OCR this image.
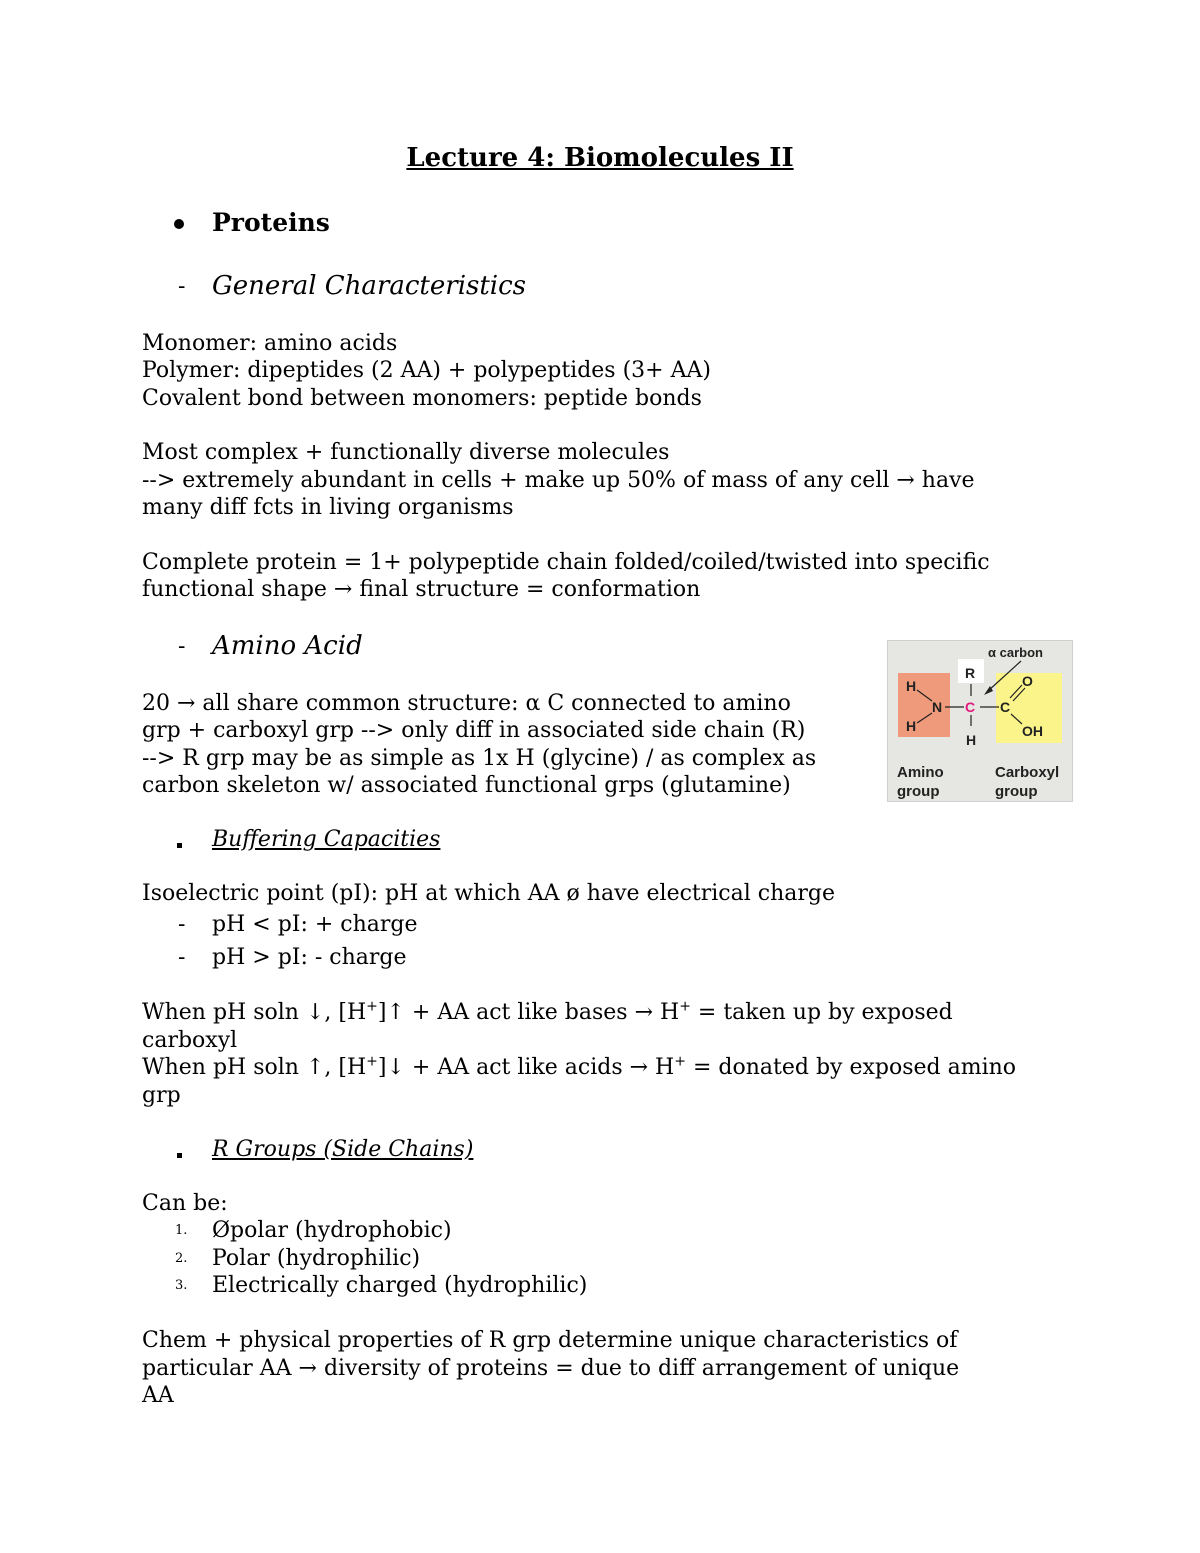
Lecture 4: Biomolecules II
Proteins
- General Characteristics
Monomer: amino acids
Polymer: dipeptides (2 AA) + polypeptides (3+ AA)
Covalent bond between monomers: peptide bonds
Most complex + functionally diverse molecules
--> extremely abundant in cells + make up 50% of mass of any cell → have
many diff fcts in living organisms
Complete protein = 1+ polypeptide chain folded/coiled/twisted into specific
functional shape → final structure = conformation
- Amino Acid
20 → all share common structure: α C connected to amino
grp + carboxyl grp --> only diff in associated side chain (R)
--> R grp may be as simple as 1x H (glycine) / as complex as
carbon skeleton w/ associated functional grps (glutamine)
α carbon
R
H
H
N C
H
C
O
OH
Amino
group
Carboxyl
group
Buffering Capacities
Isoelectric point (pI): pH at which AA ø have electrical charge
- pH < pI: + charge
- pH > pI: - charge
When pH soln ↓, [H+]↑ + AA act like bases → H+ = taken up by exposed
carboxyl
When pH soln ↑, [H+]↓ + AA act like acids → H+ = donated by exposed amino
grp
R Groups (Side Chains)
Can be:
1. Øpolar (hydrophobic)
2. Polar (hydrophilic)
3. Electrically charged (hydrophilic)
Chem + physical properties of R grp determine unique characteristics of
particular AA → diversity of proteins = due to diff arrangement of unique
AA
